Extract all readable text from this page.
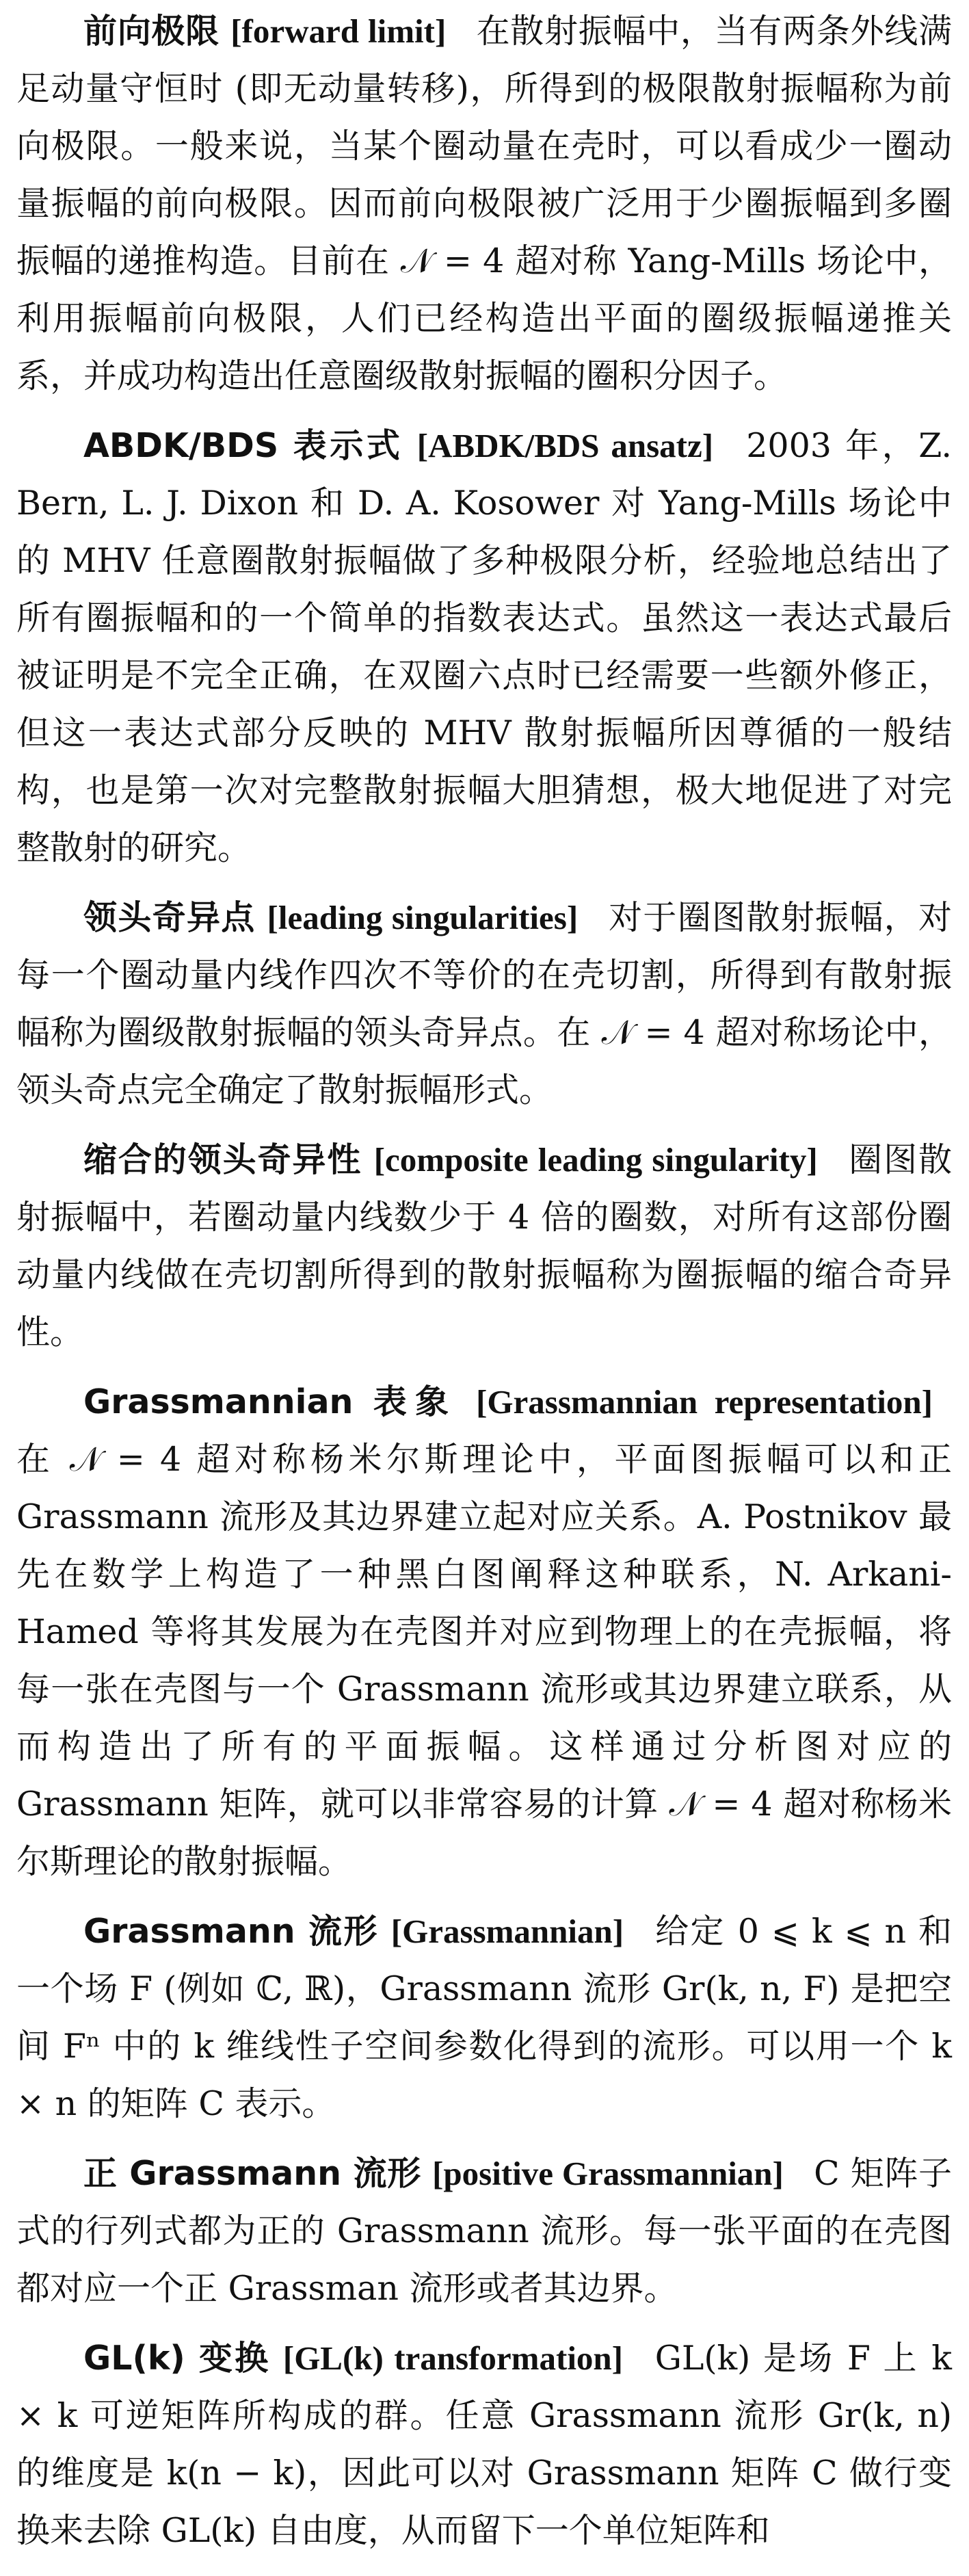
前向极限 [forward limit] 在散射振幅中，当有两条外线满足动量守恒时 (即无动量转移)，所得到的极限散射振幅称为前向极限。一般来说，当某个圈动量在壳时，可以看成少一圈动量振幅的前向极限。因而前向极限被广泛用于少圈振幅到多圈振幅的递推构造。目前在 𝒩 = 4 超对称 Yang-Mills 场论中，利用振幅前向极限，人们已经构造出平面的圈级振幅递推关系，并成功构造出任意圈级散射振幅的圈积分因子。

ABDK/BDS 表示式 [ABDK/BDS ansatz] 2003 年，Z. Bern, L. J. Dixon 和 D. A. Kosower 对 Yang-Mills 场论中的 MHV 任意圈散射振幅做了多种极限分析，经验地总结出了所有圈振幅和的一个简单的指数表达式。虽然这一表达式最后被证明是不完全正确，在双圈六点时已经需要一些额外修正，但这一表达式部分反映的 MHV 散射振幅所因尊循的一般结构，也是第一次对完整散射振幅大胆猜想，极大地促进了对完整散射的研究。

领头奇异点 [leading singularities] 对于圈图散射振幅，对每一个圈动量内线作四次不等价的在壳切割，所得到有散射振幅称为圈级散射振幅的领头奇异点。在 𝒩 = 4 超对称场论中，领头奇点完全确定了散射振幅形式。

缩合的领头奇异性 [composite leading singularity] 圈图散射振幅中，若圈动量内线数少于 4 倍的圈数，对所有这部份圈动量内线做在壳切割所得到的散射振幅称为圈振幅的缩合奇异性。

Grassmannian 表象 [Grassmannian representation] 在 𝒩 = 4 超对称杨米尔斯理论中，平面图振幅可以和正 Grassmann 流形及其边界建立起对应关系。A. Postnikov 最先在数学上构造了一种黑白图阐释这种联系，N. Arkani-Hamed 等将其发展为在壳图并对应到物理上的在壳振幅，将每一张在壳图与一个 Grassmann 流形或其边界建立联系，从而构造出了所有的平面振幅。这样通过分析图对应的 Grassmann 矩阵，就可以非常容易的计算 𝒩 = 4 超对称杨米尔斯理论的散射振幅。

Grassmann 流形 [Grassmannian] 给定 0 ⩽ k ⩽ n 和一个场 F (例如 ℂ, ℝ)，Grassmann 流形 Gr(k, n, F) 是把空间 Fⁿ 中的 k 维线性子空间参数化得到的流形。可以用一个 k × n 的矩阵 C 表示。

正 Grassmann 流形 [positive Grassmannian] C 矩阵子式的行列式都为正的 Grassmann 流形。每一张平面的在壳图都对应一个正 Grassman 流形或者其边界。

GL(k) 变换 [GL(k) transformation] GL(k) 是场 F 上 k × k 可逆矩阵所构成的群。任意 Grassmann 流形 Gr(k, n) 的维度是 k(n − k)，因此可以对 Grassmann 矩阵 C 做行变换来去除 GL(k) 自由度，从而留下一个单位矩阵和
